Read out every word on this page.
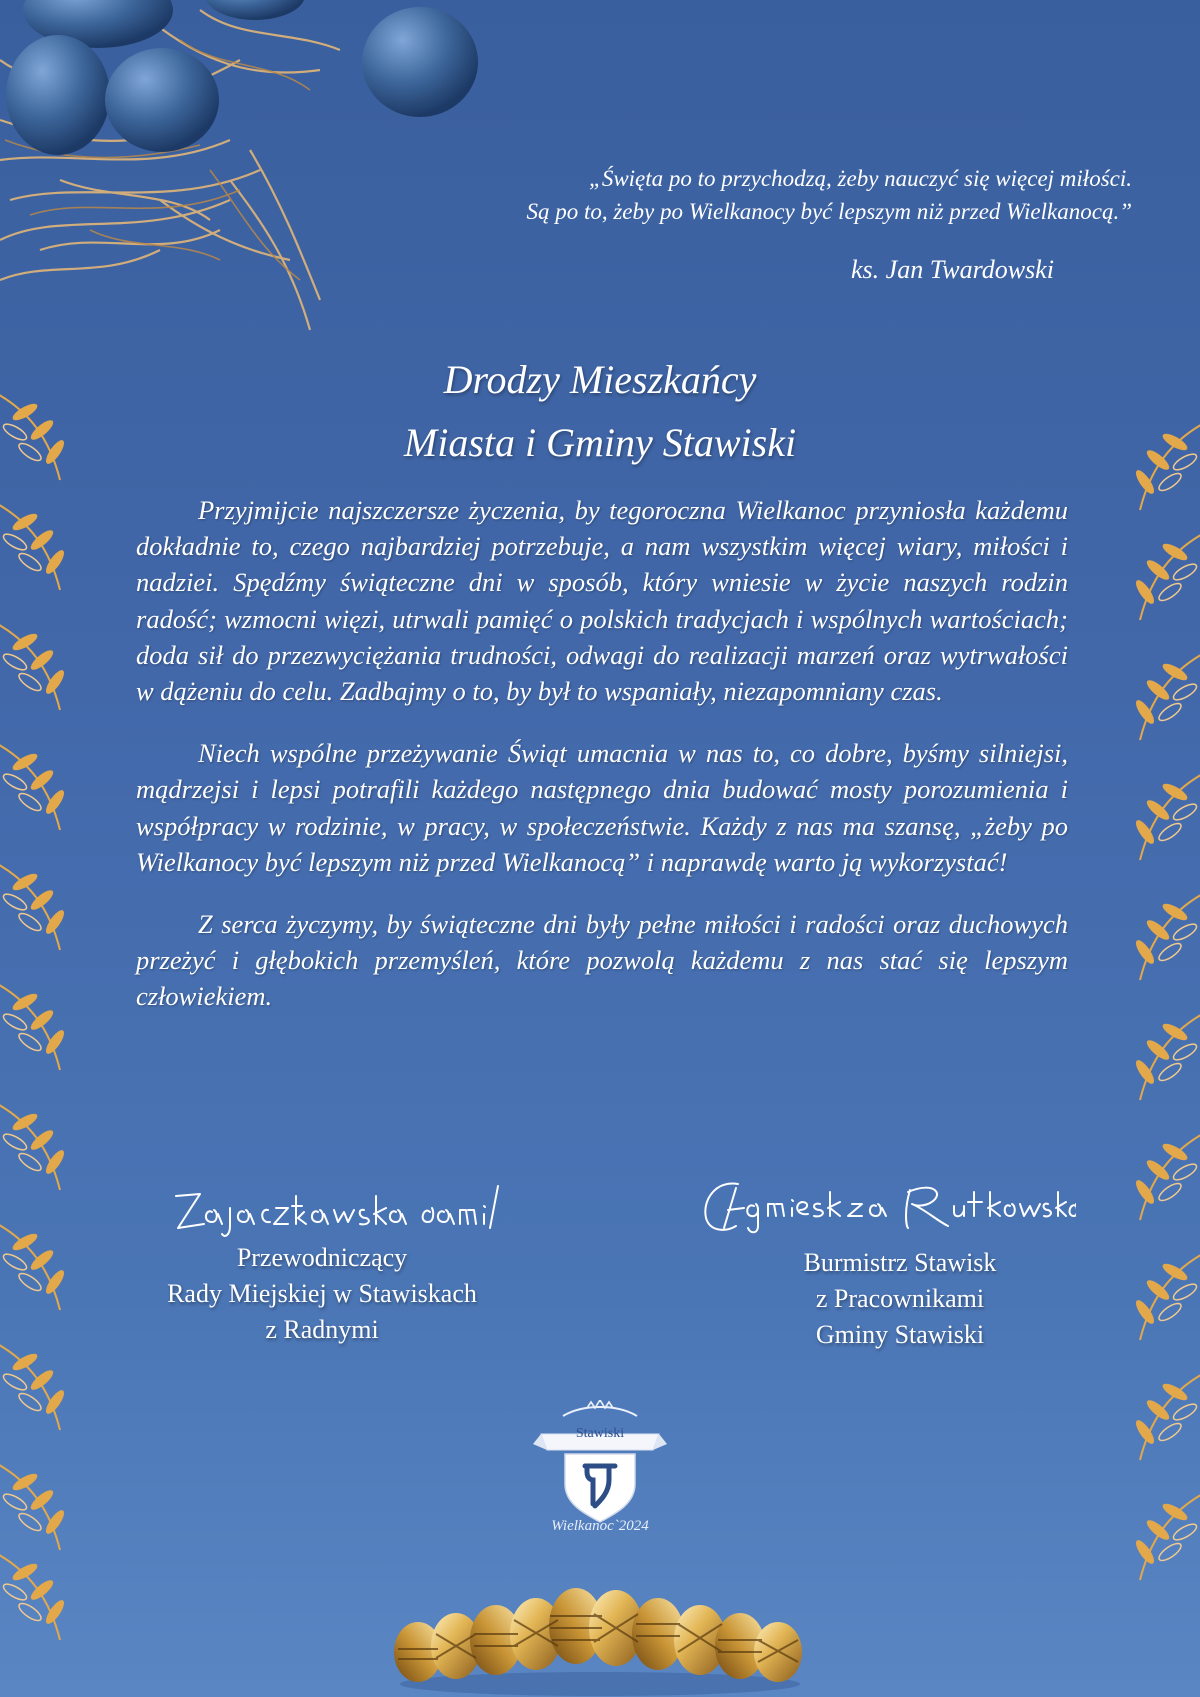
„Święta po to przychodzą, żeby nauczyć się więcej miłości.
Są po to, żeby po Wielkanocy być lepszym niż przed Wielkanocą.”
ks. Jan Twardowski
Drodzy Mieszkańcy
Miasta i Gminy Stawiski

Przyjmijcie najszczersze życzenia, by tegoroczna Wielkanoc przyniosła każdemu dokładnie to, czego najbardziej potrzebuje, a nam wszystkim więcej wiary, miłości i nadziei. Spędźmy świąteczne dni w sposób, który wniesie w życie naszych rodzin radość; wzmocni więzi, utrwali pamięć o polskich tradycjach i wspólnych wartościach; doda sił do przezwyciężania trudności, odwagi do realizacji marzeń oraz wytrwałości w dążeniu do celu. Zadbajmy o to, by był to wspaniały, niezapomniany czas.

Niech wspólne przeżywanie Świąt umacnia w nas to, co dobre, byśmy silniejsi, mądrzejsi i lepsi potrafili każdego następnego dnia budować mosty porozumienia i współpracy w rodzinie, w pracy, w społeczeństwie. Każdy z nas ma szansę, „żeby po Wielkanocy być lepszym niż przed Wielkanocą” i naprawdę warto ją wykorzystać!

Z serca życzymy, by świąteczne dni były pełne miłości i radości oraz duchowych przeżyć i głębokich przemyśleń, które pozwolą każdemu z nas stać się lepszym człowiekiem.

Przewodniczący
Rady Miejskiej w Stawiskach
z Radnymi
Burmistrz Stawisk
z Pracownikami
Gminy Stawiski
Stawiski
Wielkanoc`2024
